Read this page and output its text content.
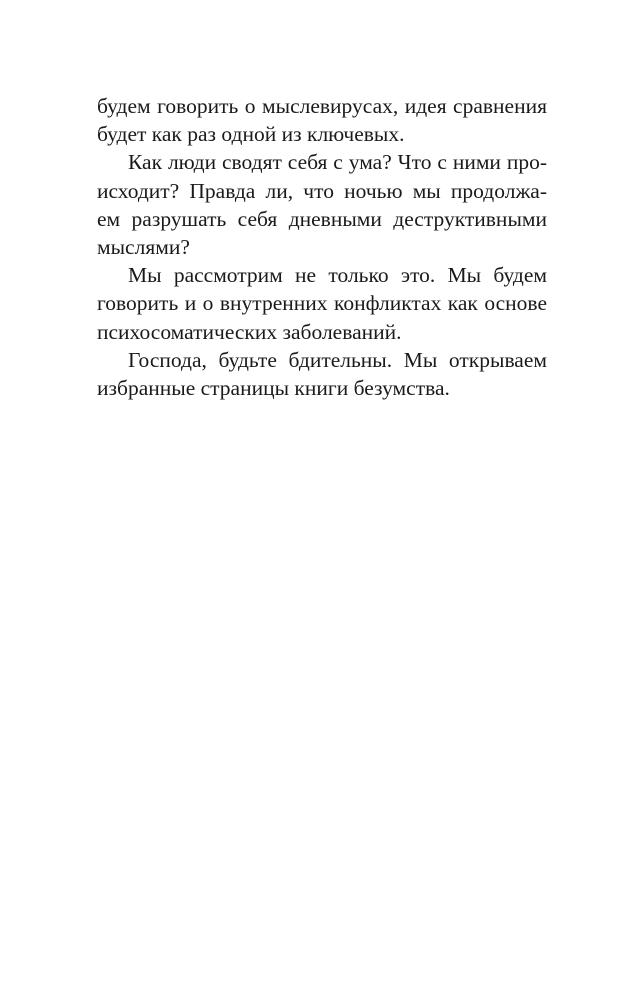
будем говорить о мыслевирусах, идея сравнения
будет как раз одной из ключевых.
Как люди сводят себя с ума? Что с ними про-
исходит? Правда ли, что ночью мы продолжа-
ем разрушать себя дневными деструктивными
мыслями?
Мы рассмотрим не только это. Мы будем
говорить и о внутренних конфликтах как основе
психосоматических заболеваний.
Господа, будьте бдительны. Мы открываем
избранные страницы книги безумства.
